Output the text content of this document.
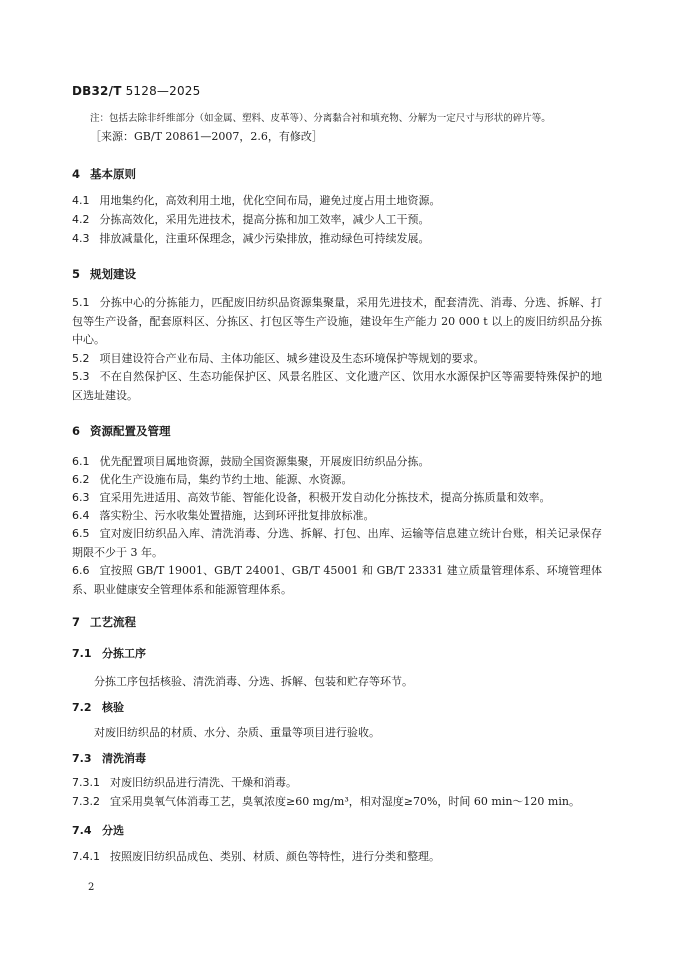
DB32/T 5128—2025
注：包括去除非纤维部分（如金属、塑料、皮革等）、分离黏合衬和填充物、分解为一定尺寸与形状的碎片等。
［来源：GB/T 20861—2007，2.6，有修改］
4 基本原则
4.1 用地集约化，高效利用土地，优化空间布局，避免过度占用土地资源。
4.2 分拣高效化，采用先进技术，提高分拣和加工效率，减少人工干预。
4.3 排放减量化，注重环保理念，减少污染排放，推动绿色可持续发展。
5 规划建设
5.1 分拣中心的分拣能力，匹配废旧纺织品资源集聚量，采用先进技术，配套清洗、消毒、分选、拆解、打包等生产设备，配套原料区、分拣区、打包区等生产设施，建设年生产能力 20 000 t 以上的废旧纺织品分拣中心。
5.2 项目建设符合产业布局、主体功能区、城乡建设及生态环境保护等规划的要求。
5.3 不在自然保护区、生态功能保护区、风景名胜区、文化遗产区、饮用水水源保护区等需要特殊保护的地区选址建设。
6 资源配置及管理
6.1 优先配置项目属地资源，鼓励全国资源集聚，开展废旧纺织品分拣。
6.2 优化生产设施布局，集约节约土地、能源、水资源。
6.3 宜采用先进适用、高效节能、智能化设备，积极开发自动化分拣技术，提高分拣质量和效率。
6.4 落实粉尘、污水收集处置措施，达到环评批复排放标准。
6.5 宜对废旧纺织品入库、清洗消毒、分选、拆解、打包、出库、运输等信息建立统计台账，相关记录保存期限不少于 3 年。
6.6 宜按照 GB/T 19001、GB/T 24001、GB/T 45001 和 GB/T 23331 建立质量管理体系、环境管理体系、职业健康安全管理体系和能源管理体系。
7 工艺流程
7.1 分拣工序
分拣工序包括核验、清洗消毒、分选、拆解、包装和贮存等环节。
7.2 核验
对废旧纺织品的材质、水分、杂质、重量等项目进行验收。
7.3 清洗消毒
7.3.1 对废旧纺织品进行清洗、干燥和消毒。
7.3.2 宜采用臭氧气体消毒工艺，臭氧浓度≥60 mg/m³，相对湿度≥70%，时间 60 min～120 min。
7.4 分选
7.4.1 按照废旧纺织品成色、类别、材质、颜色等特性，进行分类和整理。
2
